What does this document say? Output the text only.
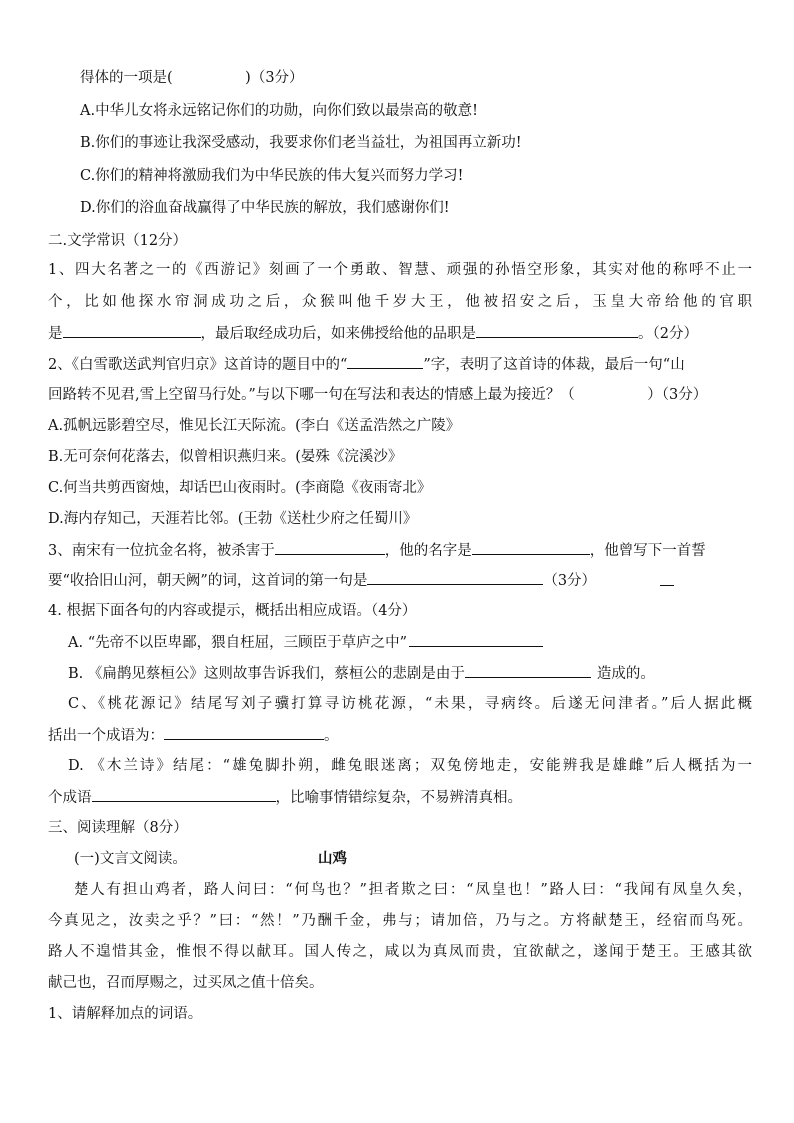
得体的一项是(　　　　　)（3分）
A.中华儿女将永远铭记你们的功勋，向你们致以最崇高的敬意!
B.你们的事迹让我深受感动，我要求你们老当益壮，为祖国再立新功!
C.你们的精神将激励我们为中华民族的伟大复兴而努力学习!
D.你们的浴血奋战赢得了中华民族的解放，我们感谢你们!
二.文学常识（12分）
1、四大名著之一的《西游记》刻画了一个勇敢、智慧、顽强的孙悟空形象，其实对他的称呼不止一
个，比如他探水帘洞成功之后，众猴叫他千岁大王，他被招安之后，玉皇大帝给他的官职
是	，最后取经成功后，如来佛授给他的品职是	。（2分）
2、《白雪歌送武判官归京》这首诗的题目中的“	”字，表明了这首诗的体裁，最后一句“山
回路转不见君,雪上空留马行处。”与以下哪一句在写法和表达的情感上最为接近？（　　　　　）（3分）
A.孤帆远影碧空尽，惟见长江天际流。(李白《送孟浩然之广陵》
B.无可奈何花落去，似曾相识燕归来。(晏殊《浣溪沙》
C.何当共剪西窗烛，却话巴山夜雨时。(李商隐《夜雨寄北》
D.海内存知己，天涯若比邻。(王勃《送杜少府之任蜀川》
3、南宋有一位抗金名将，被杀害于	，他的名字是	，他曾写下一首誓
要“收拾旧山河，朝天阙”的词，这首词的第一句是	（3分）
4. 根据下面各句的内容或提示，概括出相应成语。（4分）
A. “先帝不以臣卑鄙，猥自枉屈，三顾臣于草庐之中”
B. 《扁鹊见蔡桓公》这则故事告诉我们，蔡桓公的悲剧是由于	造成的。
C、《桃花源记》结尾写刘子骥打算寻访桃花源，“未果，寻病终。后遂无问津者。”后人据此概
括出一个成语为：	。
D. 《木兰诗》结尾：“雄兔脚扑朔，雌兔眼迷离；双兔傍地走，安能辨我是雄雌”后人概括为一
个成语	，比喻事情错综复杂，不易辨清真相。
三、阅读理解（8分）
(一)文言文阅读。	山鸡
楚人有担山鸡者，路人问曰：“何鸟也？”担者欺之曰：“凤皇也！”路人曰：“我闻有凤皇久矣，
今真见之，汝卖之乎？”曰：“然！”乃酬千金，弗与；请加倍，乃与之。方将献楚王，经宿而鸟死。
路人不遑惜其金，惟恨不得以献耳。国人传之，咸以为真凤而贵，宜欲献之，遂闻于楚王。王感其欲
献己也，召而厚赐之，过买凤之值十倍矣。
1、请解释加点的词语。
